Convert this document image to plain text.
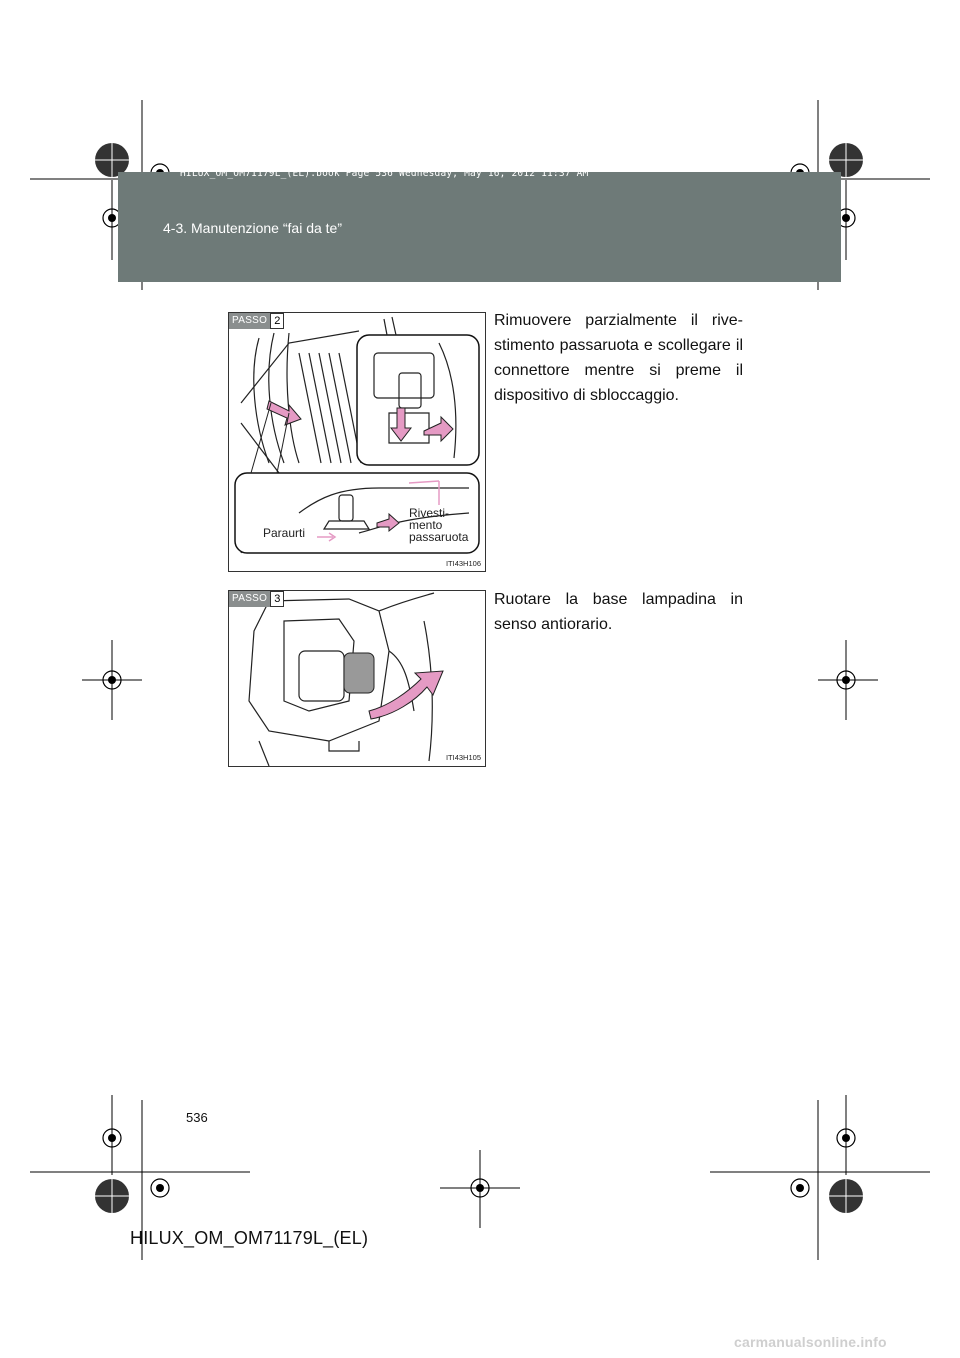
HILUX_OM_OM71179L_(EL).book Page 536 Wednesday, May 16, 2012 11:37 AM
4-3. Manutenzione “fai da te”
PASSO 2
Paraurti
Rivesti-
mento
passaruota
ITI43H106
Rimuovere parzialmente il rive-stimento passaruota e scollegare il connettore mentre si preme il dispositivo di sbloccaggio.
PASSO 3
ITI43H105
Ruotare la base lampadina in senso antiorario.
536
HILUX_OM_OM71179L_(EL)
carmanualsonline.info
